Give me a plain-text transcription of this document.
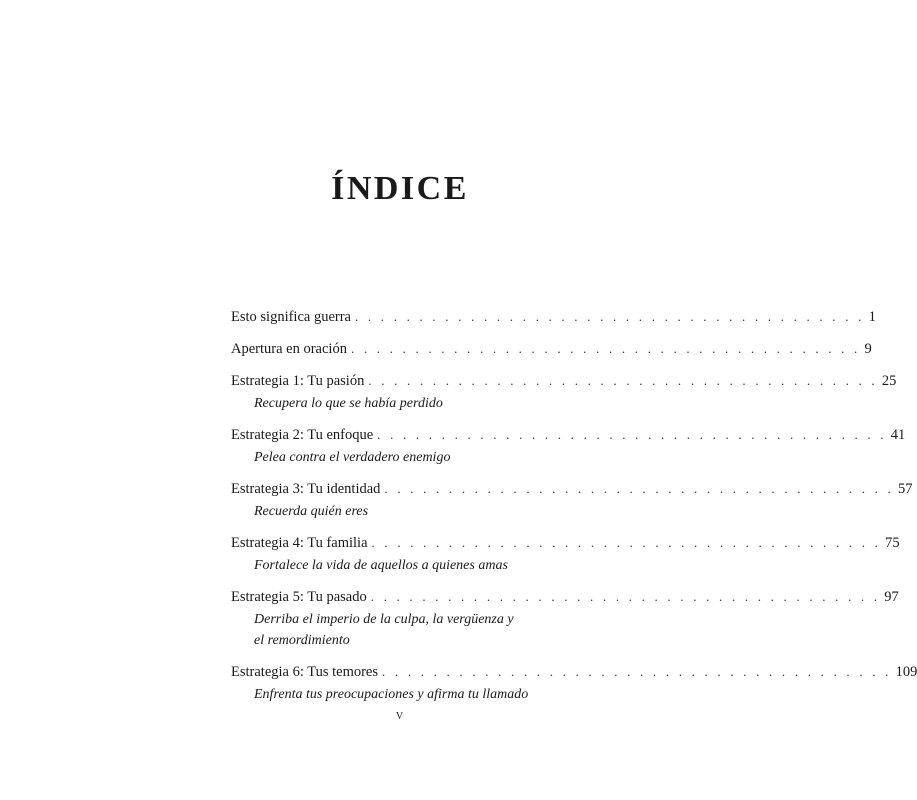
ÍNDICE
Esto significa guerra . . . . . . . . . . . . . . . . . . . . . . . . . . . . . . . . . . . . . . . . 1
Apertura en oración . . . . . . . . . . . . . . . . . . . . . . . . . . . . . . . . . . . . . . . . 9
Estrategia 1: Tu pasión . . . . . . . . . . . . . . . . . . . . . . . . . . . . . . . . . . . . . . . . 25
Recupera lo que se había perdido
Estrategia 2: Tu enfoque . . . . . . . . . . . . . . . . . . . . . . . . . . . . . . . . . . . . . . . . 41
Pelea contra el verdadero enemigo
Estrategia 3: Tu identidad . . . . . . . . . . . . . . . . . . . . . . . . . . . . . . . . . . . . . . . . 57
Recuerda quién eres
Estrategia 4: Tu familia . . . . . . . . . . . . . . . . . . . . . . . . . . . . . . . . . . . . . . . . 75
Fortalece la vida de aquellos a quienes amas
Estrategia 5: Tu pasado . . . . . . . . . . . . . . . . . . . . . . . . . . . . . . . . . . . . . . . . 97
Derriba el imperio de la culpa, la vergüenza y el remordimiento
Estrategia 6: Tus temores . . . . . . . . . . . . . . . . . . . . . . . . . . . . . . . . . . . . . . . . 109
Enfrenta tus preocupaciones y afirma tu llamado
v
